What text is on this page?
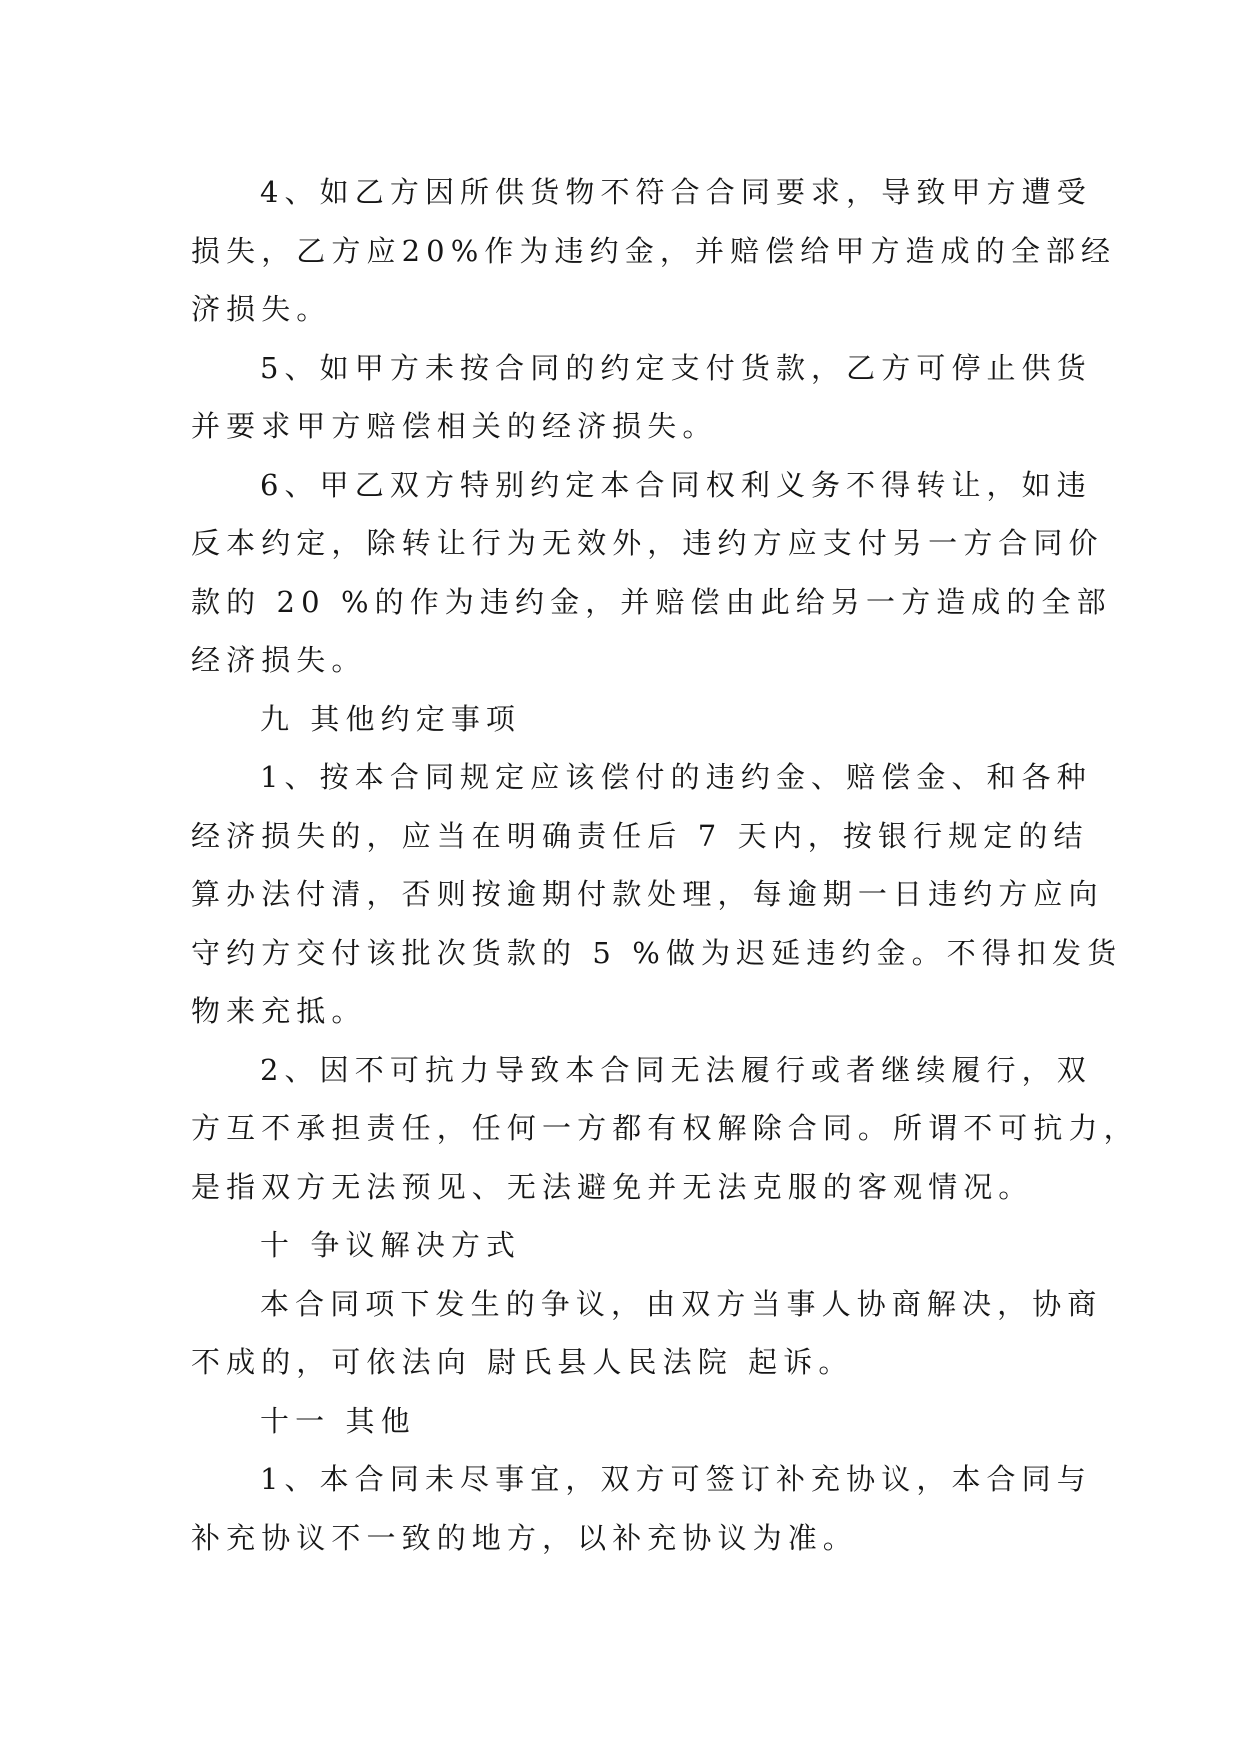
4、如乙方因所供货物不符合合同要求，导致甲方遭受
损失，乙方应20%作为违约金，并赔偿给甲方造成的全部经
济损失。
5、如甲方未按合同的约定支付货款，乙方可停止供货
并要求甲方赔偿相关的经济损失。
6、甲乙双方特别约定本合同权利义务不得转让，如违
反本约定，除转让行为无效外，违约方应支付另一方合同价
款的 20 %的作为违约金，并赔偿由此给另一方造成的全部
经济损失。
九 其他约定事项
1、按本合同规定应该偿付的违约金、赔偿金、和各种
经济损失的，应当在明确责任后 7 天内，按银行规定的结
算办法付清，否则按逾期付款处理，每逾期一日违约方应向
守约方交付该批次货款的 5 %做为迟延违约金。不得扣发货
物来充抵。
2、因不可抗力导致本合同无法履行或者继续履行，双
方互不承担责任，任何一方都有权解除合同。所谓不可抗力，
是指双方无法预见、无法避免并无法克服的客观情况。
十 争议解决方式
本合同项下发生的争议，由双方当事人协商解决，协商
不成的，可依法向 尉氏县人民法院 起诉。
十一 其他
1、本合同未尽事宜，双方可签订补充协议，本合同与
补充协议不一致的地方，以补充协议为准。
